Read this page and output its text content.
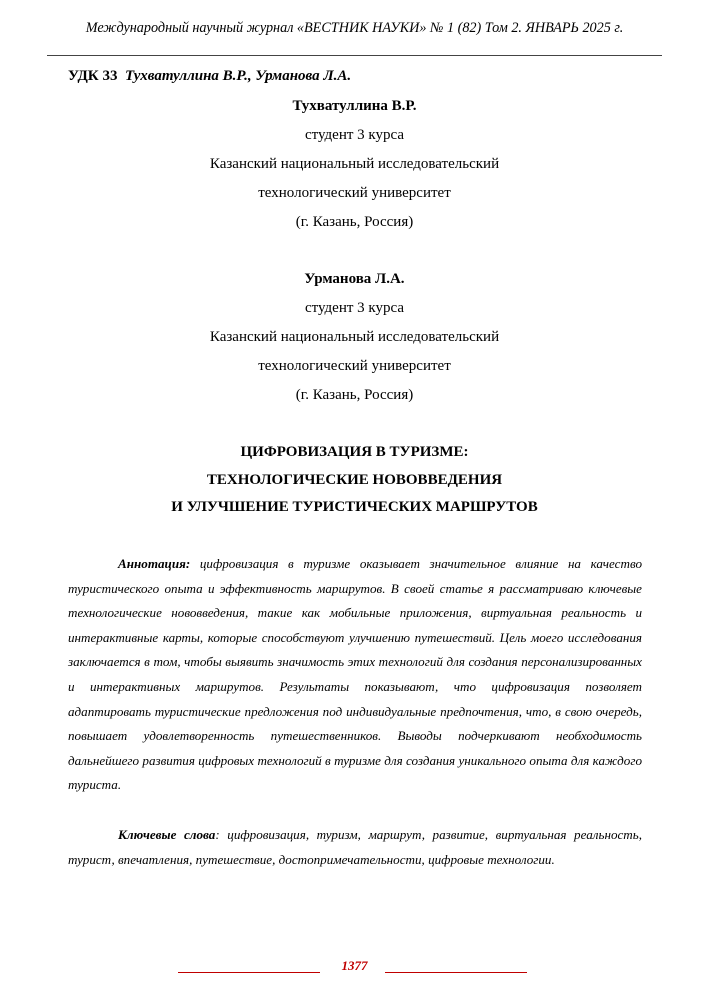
Международный научный журнал «ВЕСТНИК НАУКИ» № 1 (82) Том 2. ЯНВАРЬ 2025 г.
УДК 33 Тухватуллина В.Р., Урманова Л.А.
Тухватуллина В.Р.
студент 3 курса
Казанский национальный исследовательский
технологический университет
(г. Казань, Россия)
Урманова Л.А.
студент 3 курса
Казанский национальный исследовательский
технологический университет
(г. Казань, Россия)
ЦИФРОВИЗАЦИЯ В ТУРИЗМЕ:
ТЕХНОЛОГИЧЕСКИЕ НОВОВВЕДЕНИЯ
И УЛУЧШЕНИЕ ТУРИСТИЧЕСКИХ МАРШРУТОВ
Аннотация: цифровизация в туризме оказывает значительное влияние на качество туристического опыта и эффективность маршрутов. В своей статье я рассматриваю ключевые технологические нововведения, такие как мобильные приложения, виртуальная реальность и интерактивные карты, которые способствуют улучшению путешествий. Цель моего исследования заключается в том, чтобы выявить значимость этих технологий для создания персонализированных и интерактивных маршрутов. Результаты показывают, что цифровизация позволяет адаптировать туристические предложения под индивидуальные предпочтения, что, в свою очередь, повышает удовлетворенность путешественников. Выводы подчеркивают необходимость дальнейшего развития цифровых технологий в туризме для создания уникального опыта для каждого туриста.
Ключевые слова: цифровизация, туризм, маршрут, развитие, виртуальная реальность, турист, впечатления, путешествие, достопримечательности, цифровые технологии.
1377
